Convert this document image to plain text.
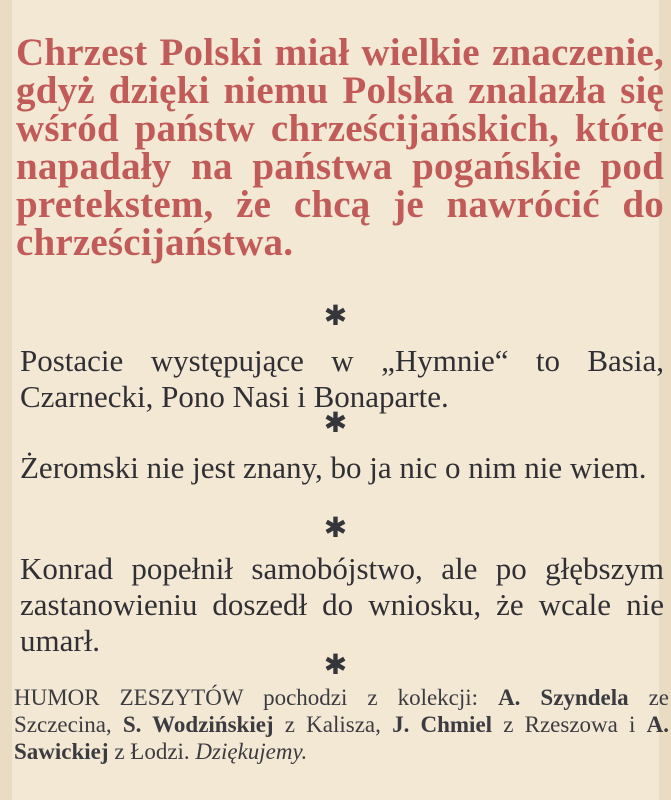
Chrzest Polski miał wielkie znaczenie, gdyż dzięki niemu Polska znalazła się wśród państw chrześcijańskich, które napadały na państwa pogańskie pod pretekstem, że chcą je nawrócić do chrześcijaństwa.

✱

Postacie występujące w „Hymnie“ to Basia, Czarnecki, Pono Nasi i Bonaparte.

✱

Żeromski nie jest znany, bo ja nic o nim nie wiem.

✱

Konrad popełnił samobójstwo, ale po głębszym zastanowieniu doszedł do wniosku, że wcale nie umarł.

✱

HUMOR ZESZYTÓW pochodzi z kolekcji: A. Szyndela ze Szczecina, S. Wodzińskiej z Kalisza, J. Chmiel z Rzeszowa i A. Sawickiej z Łodzi. Dziękujemy.
